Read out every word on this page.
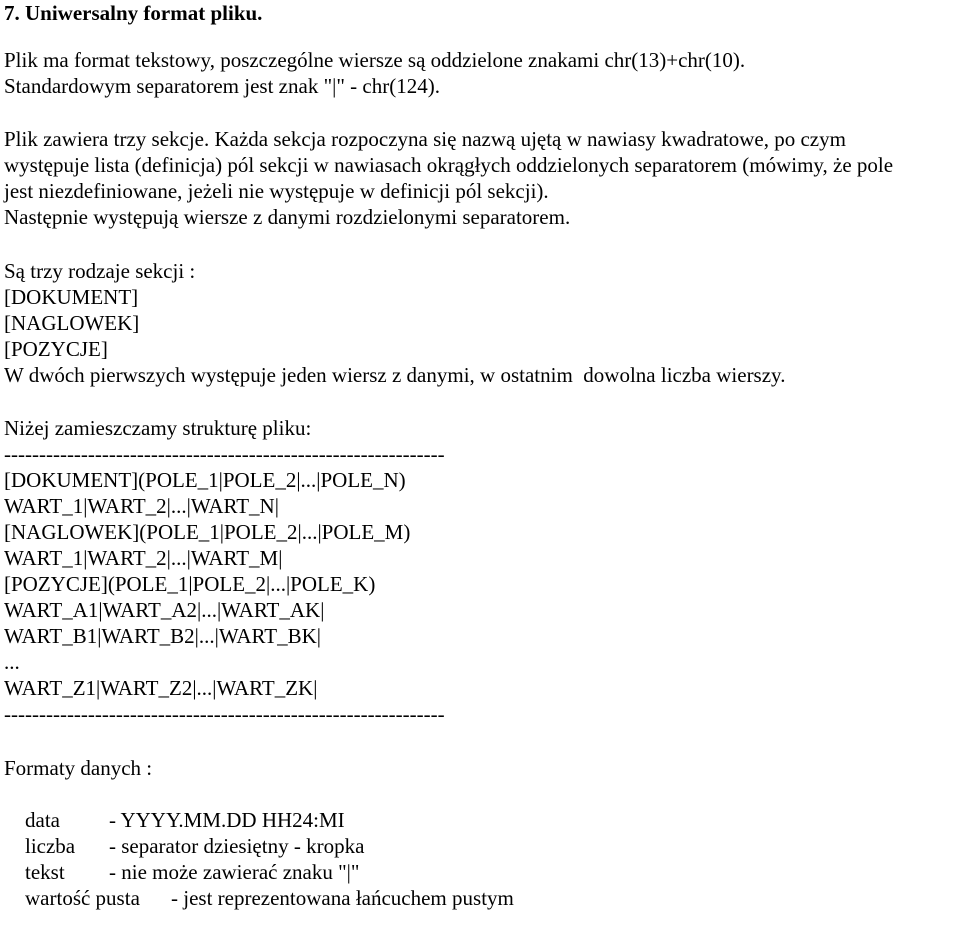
7. Uniwersalny format pliku.
Plik ma format tekstowy, poszczególne wiersze są oddzielone znakami chr(13)+chr(10).
Standardowym separatorem jest znak "|" - chr(124).
Plik zawiera trzy sekcje. Każda sekcja rozpoczyna się nazwą ujętą w nawiasy kwadratowe, po czym
występuje lista (definicja) pól sekcji w nawiasach okrągłych oddzielonych separatorem (mówimy, że pole
jest niezdefiniowane, jeżeli nie występuje w definicji pól sekcji).
Następnie występują wiersze z danymi rozdzielonymi separatorem.
Są trzy rodzaje sekcji :
[DOKUMENT]
[NAGLOWEK]
[POZYCJE]
W dwóch pierwszych występuje jeden wiersz z danymi, w ostatnim  dowolna liczba wierszy.
Niżej zamieszczamy strukturę pliku:
---------------------------------------------------------------
[DOKUMENT](POLE_1|POLE_2|...|POLE_N)
WART_1|WART_2|...|WART_N|
[NAGLOWEK](POLE_1|POLE_2|...|POLE_M)
WART_1|WART_2|...|WART_M|
[POZYCJE](POLE_1|POLE_2|...|POLE_K)
WART_A1|WART_A2|...|WART_AK|
WART_B1|WART_B2|...|WART_BK|
...
WART_Z1|WART_Z2|...|WART_ZK|
---------------------------------------------------------------
Formaty danych :

data - YYYY.MM.DD HH24:MI

liczba - separator dziesiętny - kropka

tekst - nie może zawierać znaku "|"

wartość pusta - jest reprezentowana łańcuchem pustym
